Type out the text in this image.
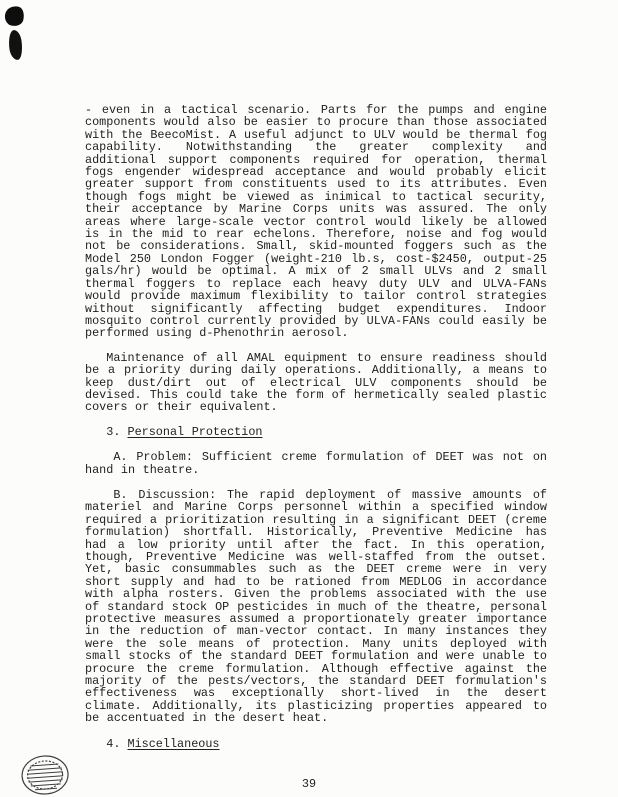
- even in a tactical scenario. Parts for the pumps and engine components would also be easier to procure than those associated with the BeecoMist. A useful adjunct to ULV would be thermal fog capability. Notwithstanding the greater complexity and additional support components required for operation, thermal fogs engender widespread acceptance and would probably elicit greater support from constituents used to its attributes. Even though fogs might be viewed as inimical to tactical security, their acceptance by Marine Corps units was assured. The only areas where large-scale vector control would likely be allowed is in the mid to rear echelons. Therefore, noise and fog would not be considerations. Small, skid-mounted foggers such as the Model 250 London Fogger (weight-210 lb.s, cost-$2450, output-25 gals/hr) would be optimal. A mix of 2 small ULVs and 2 small thermal foggers to replace each heavy duty ULV and ULVA-FANs would provide maximum flexibility to tailor control strategies without significantly affecting budget expenditures. Indoor mosquito control currently provided by ULVA-FANs could easily be performed using d-Phenothrin aerosol.

Maintenance of all AMAL equipment to ensure readiness should be a priority during daily operations. Additionally, a means to keep dust/dirt out of electrical ULV components should be devised. This could take the form of hermetically sealed plastic covers or their equivalent.

3. Personal Protection

A. Problem: Sufficient creme formulation of DEET was not on hand in theatre.

B. Discussion: The rapid deployment of massive amounts of materiel and Marine Corps personnel within a specified window required a prioritization resulting in a significant DEET (creme formulation) shortfall. Historically, Preventive Medicine has had a low priority until after the fact. In this operation, though, Preventive Medicine was well-staffed from the outset. Yet, basic consummables such as the DEET creme were in very short supply and had to be rationed from MEDLOG in accordance with alpha rosters. Given the problems associated with the use of standard stock OP pesticides in much of the theatre, personal protective measures assumed a proportionately greater importance in the reduction of man-vector contact. In many instances they were the sole means of protection. Many units deployed with small stocks of the standard DEET formulation and were unable to procure the creme formulation. Although effective against the majority of the pests/vectors, the standard DEET formulation's effectiveness was exceptionally short-lived in the desert climate. Additionally, its plasticizing properties appeared to be accentuated in the desert heat.

4. Miscellaneous

39
